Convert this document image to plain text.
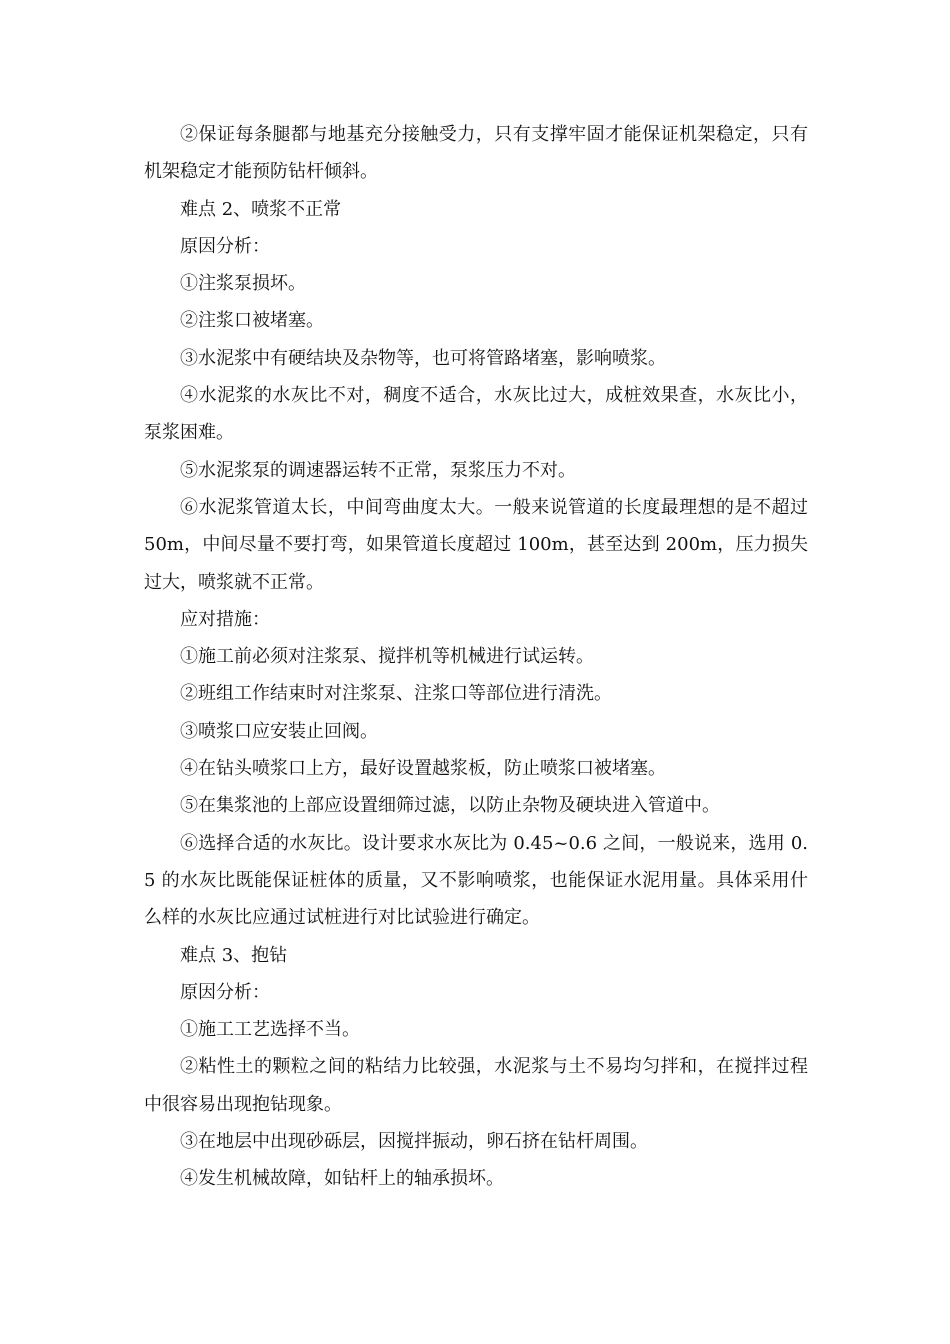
②保证每条腿都与地基充分接触受力，只有支撑牢固才能保证机架稳定，只有机架稳定才能预防钻杆倾斜。

难点 2、喷浆不正常

原因分析：

①注浆泵损坏。

②注浆口被堵塞。

③水泥浆中有硬结块及杂物等，也可将管路堵塞，影响喷浆。

④水泥浆的水灰比不对，稠度不适合，水灰比过大，成桩效果查，水灰比小，泵浆困难。

⑤水泥浆泵的调速器运转不正常，泵浆压力不对。

⑥水泥浆管道太长，中间弯曲度太大。一般来说管道的长度最理想的是不超过 50m，中间尽量不要打弯，如果管道长度超过 100m，甚至达到 200m，压力损失过大，喷浆就不正常。

应对措施：

①施工前必须对注浆泵、搅拌机等机械进行试运转。

②班组工作结束时对注浆泵、注浆口等部位进行清洗。

③喷浆口应安装止回阀。

④在钻头喷浆口上方，最好设置越浆板，防止喷浆口被堵塞。

⑤在集浆池的上部应设置细筛过滤，以防止杂物及硬块进入管道中。

⑥选择合适的水灰比。设计要求水灰比为 0.45~0.6 之间，一般说来，选用 0.5 的水灰比既能保证桩体的质量，又不影响喷浆，也能保证水泥用量。具体采用什么样的水灰比应通过试桩进行对比试验进行确定。

难点 3、抱钻

原因分析：

①施工工艺选择不当。

②粘性土的颗粒之间的粘结力比较强，水泥浆与土不易均匀拌和，在搅拌过程中很容易出现抱钻现象。

③在地层中出现砂砾层，因搅拌振动，卵石挤在钻杆周围。

④发生机械故障，如钻杆上的轴承损坏。
